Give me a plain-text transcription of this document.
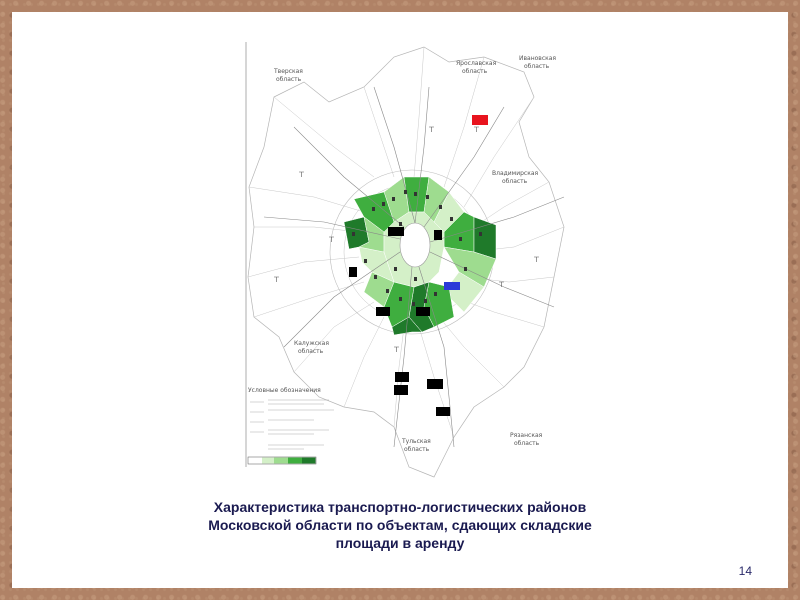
Тверская
область
Ярославская
область
Владимирская
область
Калужская
область
Тульская
область
Рязанская
область
Ивановская
область
Условные обозначения
Характеристика транспортно-логистических районов
Московской области по объектам, сдающих складские
площади в аренду
14
